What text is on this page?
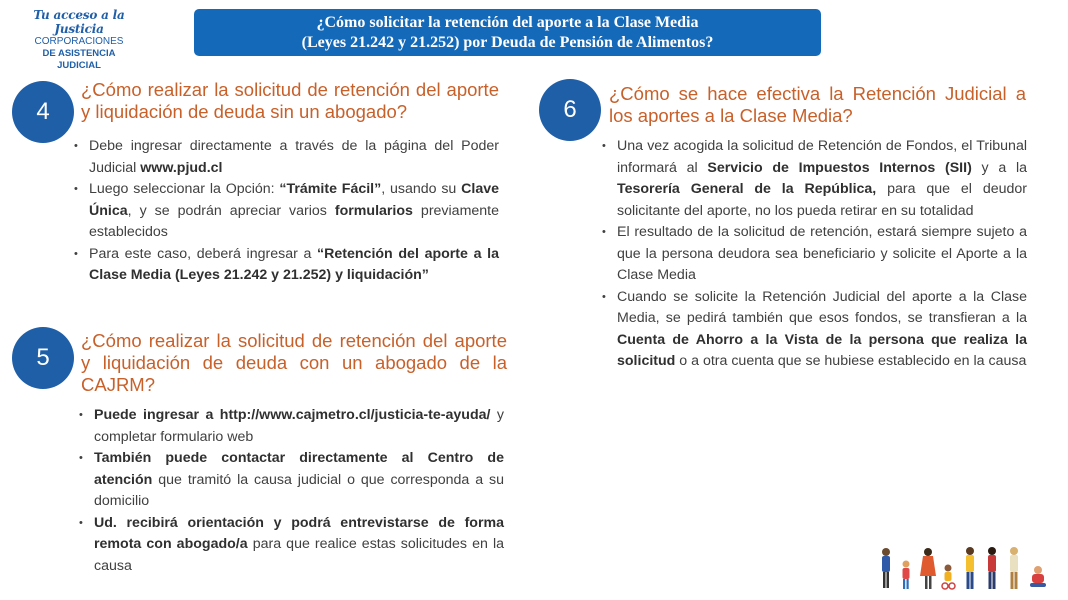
Tu acceso a la Justicia
CORPORACIONES
DE ASISTENCIA
JUDICIAL
¿Cómo solicitar la retención del aporte a la Clase Media
(Leyes 21.242 y 21.252) por Deuda de Pensión de Alimentos?
4
¿Cómo realizar la solicitud de retención del aporte y liquidación de deuda sin un abogado?
• Debe ingresar directamente a través de la página del Poder Judicial www.pjud.cl
• Luego seleccionar la Opción: “Trámite Fácil”, usando su Clave Única, y se podrán apreciar varios formularios previamente establecidos
• Para este caso, deberá ingresar a “Retención del aporte a la Clase Media (Leyes 21.242 y 21.252) y liquidación”
5
¿Cómo realizar la solicitud de retención del aporte y liquidación de deuda con un abogado de la CAJRM?
• Puede ingresar a http://www.cajmetro.cl/justicia-te-ayuda/ y completar formulario web
• También puede contactar directamente al Centro de atención que tramitó la causa judicial o que corresponda a su domicilio
• Ud. recibirá orientación y podrá entrevistarse de forma remota con abogado/a para que realice estas solicitudes en la causa
6
¿Cómo se hace efectiva la Retención Judicial a los aportes a la Clase Media?
• Una vez acogida la solicitud de Retención de Fondos, el Tribunal informará al Servicio de Impuestos Internos (SII) y a la Tesorería General de la República, para que el deudor solicitante del aporte, no los pueda retirar en su totalidad
• El resultado de la solicitud de retención, estará siempre sujeto a que la persona deudora sea beneficiario y solicite el Aporte a la Clase Media
• Cuando se solicite la Retención Judicial del aporte a la Clase Media, se pedirá también que esos fondos, se transfieran a la Cuenta de Ahorro a la Vista de la persona que realiza la solicitud o a otra cuenta que se hubiese establecido en la causa
